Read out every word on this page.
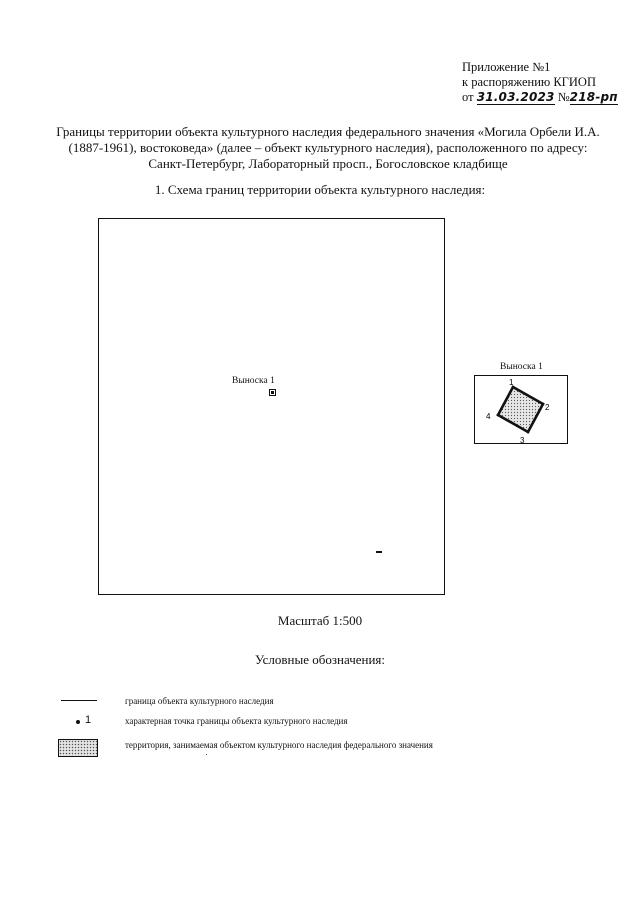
Приложение №1
к распоряжению КГИОП
от 31.03.2023 №218-рп
Границы территории объекта культурного наследия федерального значения «Могила Орбели И.А.
(1887-1961), востоковеда» (далее – объект культурного наследия), расположенного по адресу:
Санкт-Петербург, Лабораторный просп., Богословское кладбище
1. Схема границ территории объекта культурного наследия:
Выноска 1
Выноска 1
1
2
3
4
Масштаб 1:500
Условные обозначения:
граница объекта культурного наследия
1	характерная точка границы объекта культурного наследия
территория, занимаемая объектом культурного наследия федерального значения
